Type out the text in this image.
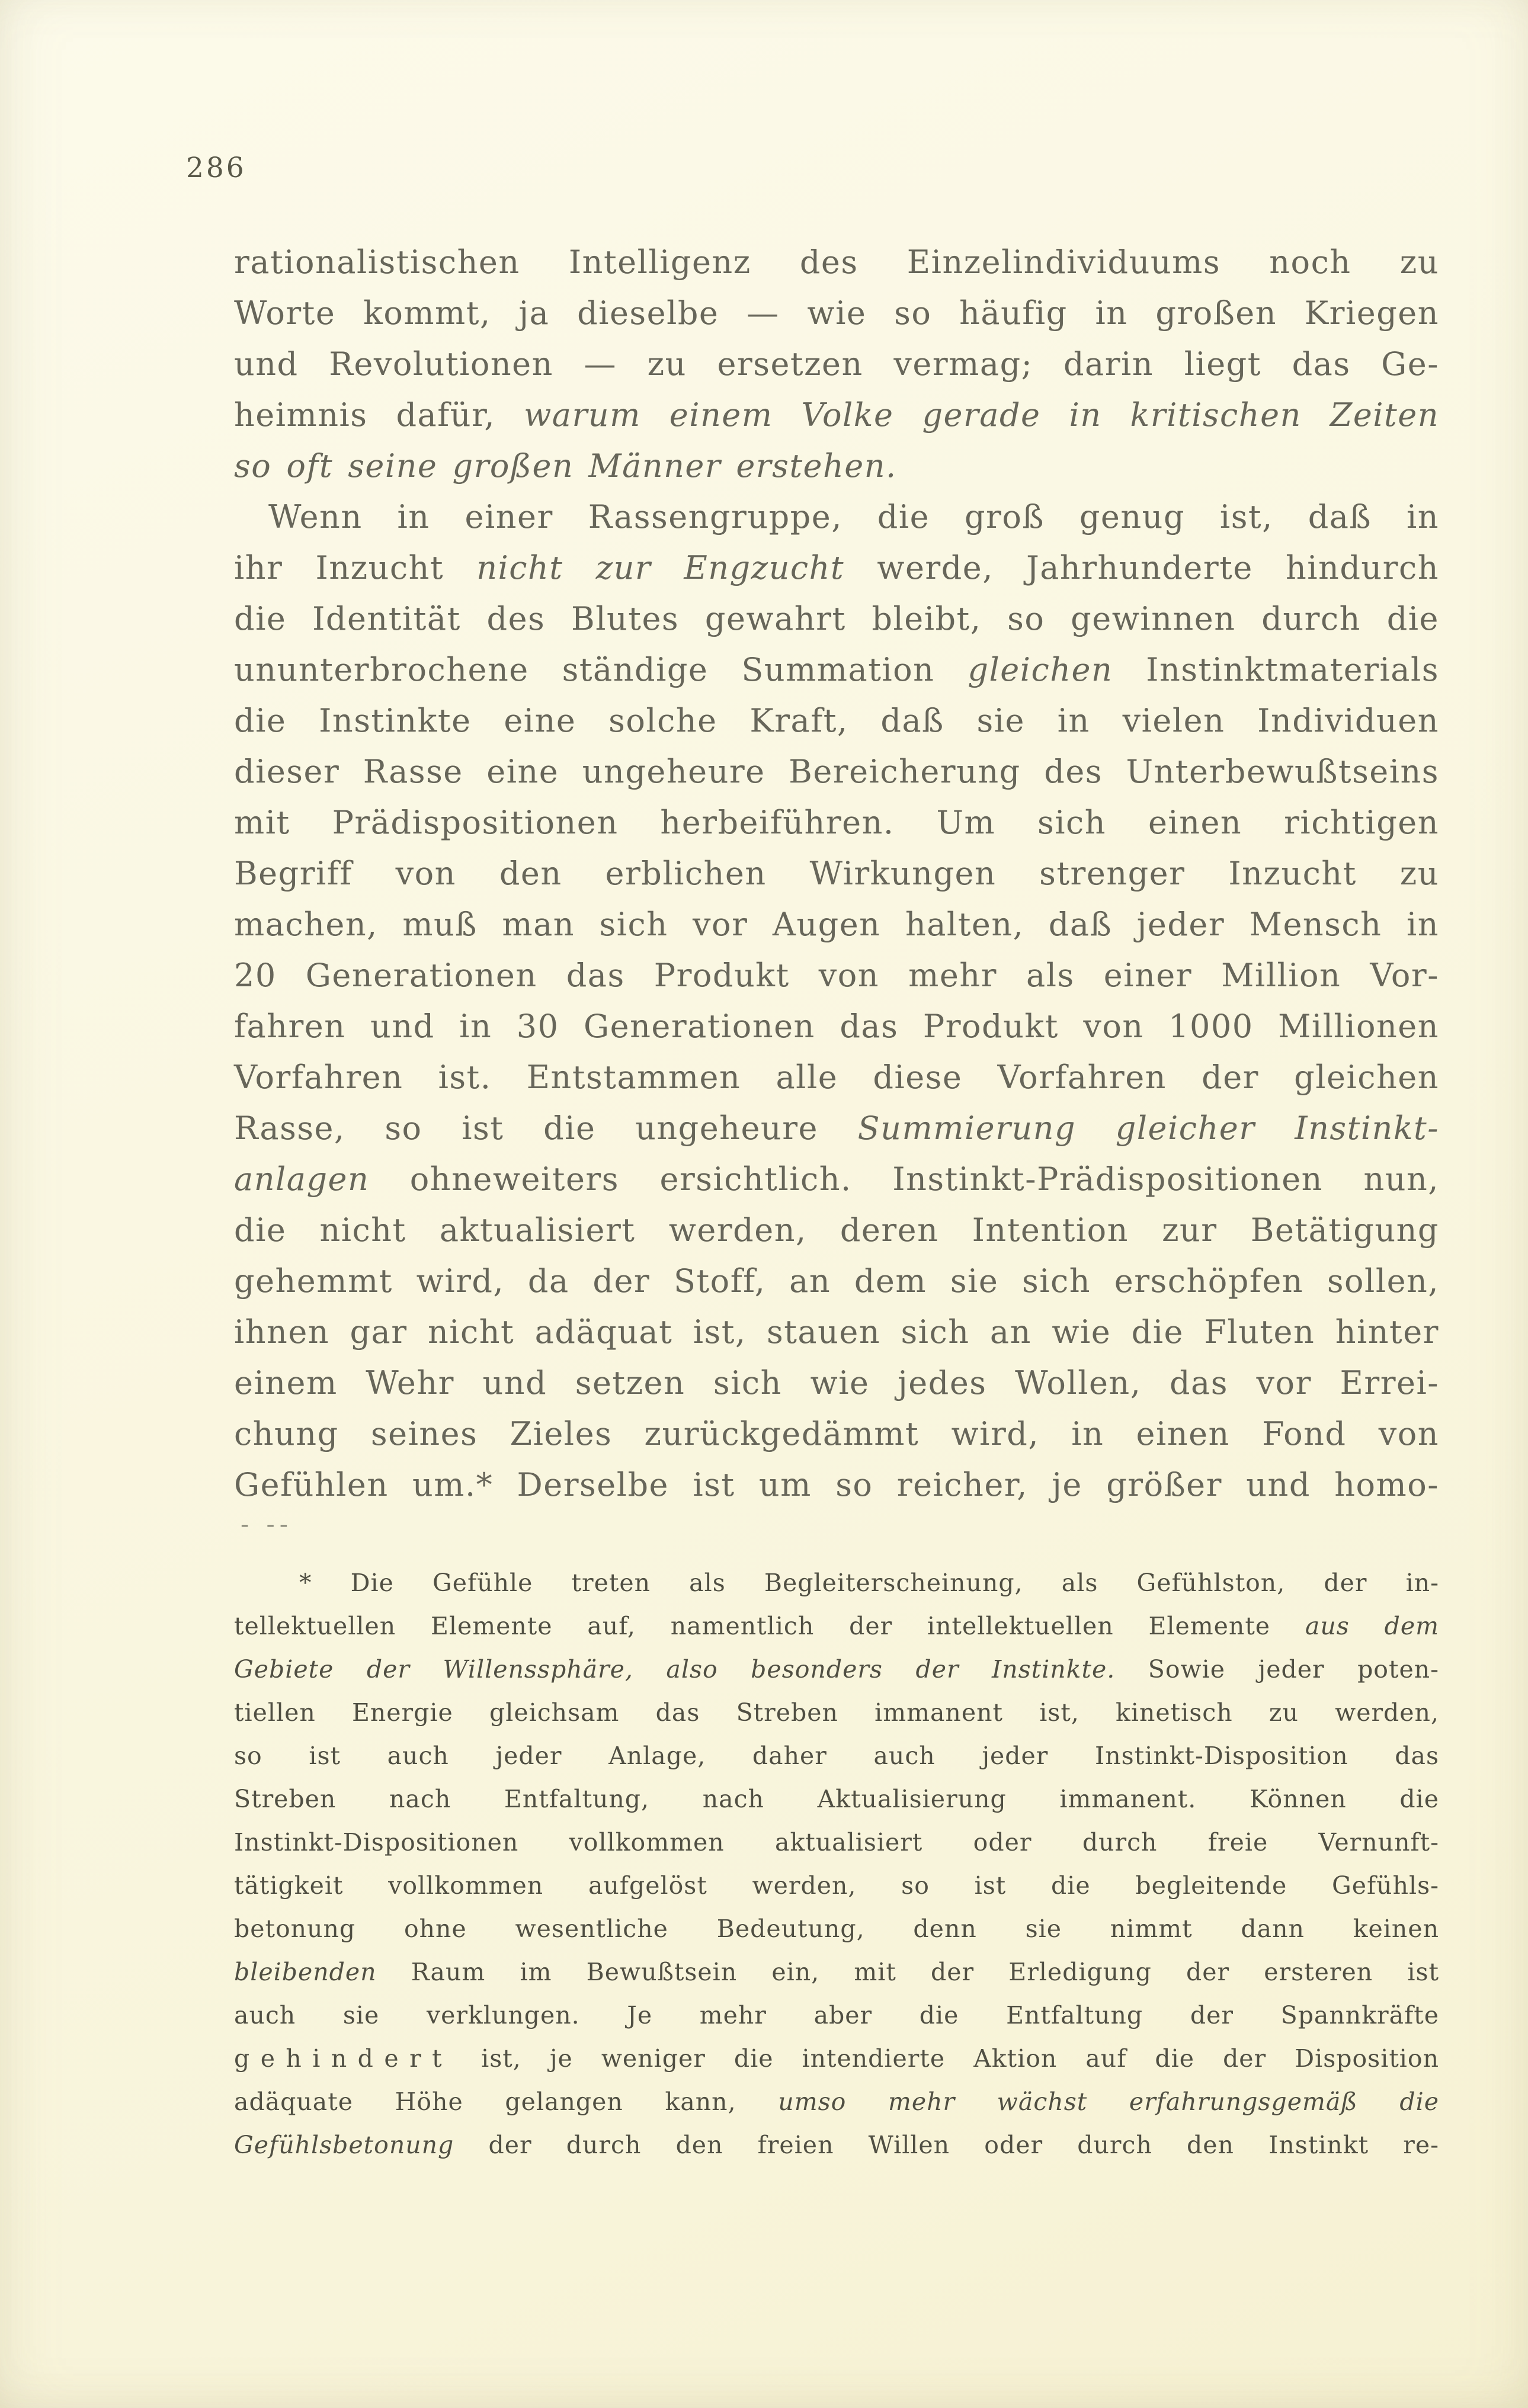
286
rationalistischen Intelligenz des Einzelindividuums noch zu
Worte kommt, ja dieselbe — wie so häufig in großen Kriegen
und Revolutionen — zu ersetzen vermag; darin liegt das Ge-
heimnis dafür, warum einem Volke gerade in kritischen Zeiten
so oft seine großen Männer erstehen.
Wenn in einer Rassengruppe, die groß genug ist, daß in
ihr Inzucht nicht zur Engzucht werde, Jahrhunderte hindurch
die Identität des Blutes gewahrt bleibt, so gewinnen durch die
ununterbrochene ständige Summation gleichen Instinktmaterials
die Instinkte eine solche Kraft, daß sie in vielen Individuen
dieser Rasse eine ungeheure Bereicherung des Unterbewußtseins
mit Prädispositionen herbeiführen. Um sich einen richtigen
Begriff von den erblichen Wirkungen strenger Inzucht zu
machen, muß man sich vor Augen halten, daß jeder Mensch in
20 Generationen das Produkt von mehr als einer Million Vor-
fahren und in 30 Generationen das Produkt von 1000 Millionen
Vorfahren ist. Entstammen alle diese Vorfahren der gleichen
Rasse, so ist die ungeheure Summierung gleicher Instinkt-
anlagen ohneweiters ersichtlich. Instinkt-Prädispositionen nun,
die nicht aktualisiert werden, deren Intention zur Betätigung
gehemmt wird, da der Stoff, an dem sie sich erschöpfen sollen,
ihnen gar nicht adäquat ist, stauen sich an wie die Fluten hinter
einem Wehr und setzen sich wie jedes Wollen, das vor Errei-
chung seines Zieles zurückgedämmt wird, in einen Fond von
Gefühlen um.* Derselbe ist um so reicher, je größer und homo-
- --
* Die Gefühle treten als Begleiterscheinung, als Gefühlston, der in-
tellektuellen Elemente auf, namentlich der intellektuellen Elemente aus dem
Gebiete der Willenssphäre, also besonders der Instinkte. Sowie jeder poten-
tiellen Energie gleichsam das Streben immanent ist, kinetisch zu werden,
so ist auch jeder Anlage, daher auch jeder Instinkt-Disposition das
Streben nach Entfaltung, nach Aktualisierung immanent. Können die
Instinkt-Dispositionen vollkommen aktualisiert oder durch freie Vernunft-
tätigkeit vollkommen aufgelöst werden, so ist die begleitende Gefühls-
betonung ohne wesentliche Bedeutung, denn sie nimmt dann keinen
bleibenden Raum im Bewußtsein ein, mit der Erledigung der ersteren ist
auch sie verklungen. Je mehr aber die Entfaltung der Spannkräfte
gehindert ist, je weniger die intendierte Aktion auf die der Disposition
adäquate Höhe gelangen kann, umso mehr wächst erfahrungsgemäß die
Gefühlsbetonung der durch den freien Willen oder durch den Instinkt re-
